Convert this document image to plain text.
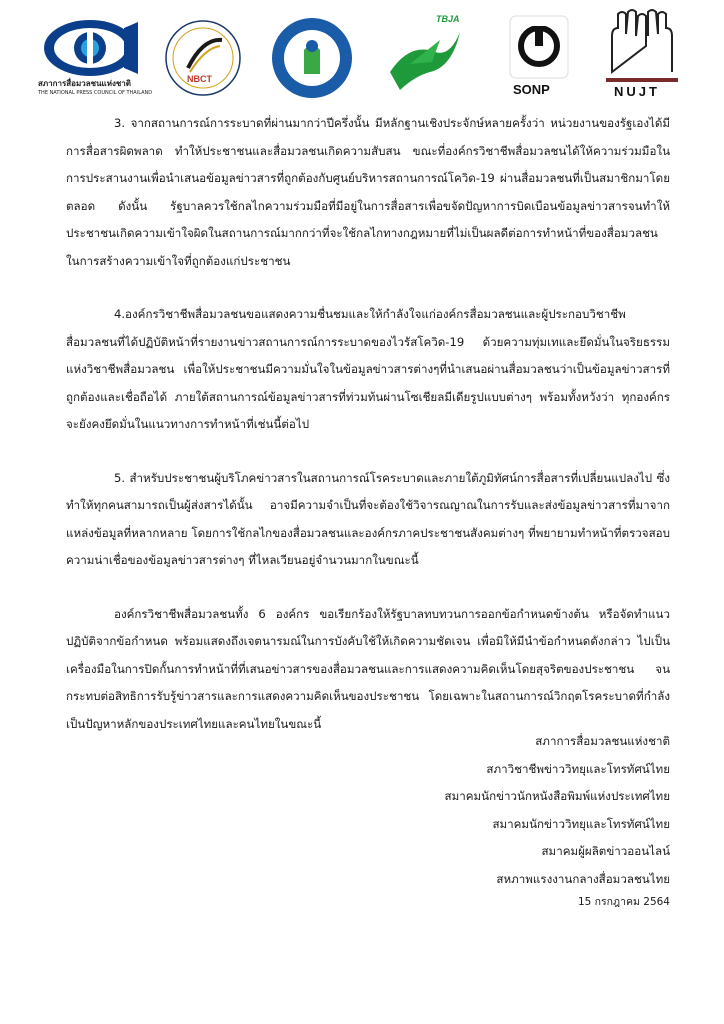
สภาการสื่อมวลชนแห่งชาติ
THE NATIONAL PRESS COUNCIL OF THAILAND
NBCT
TBJA
SONP	NUJT

3. จากสถานการณ์การระบาดที่ผ่านมากว่าปีครึ่งนั้น มีหลักฐานเชิงประจักษ์หลายครั้งว่า หน่วยงานของรัฐเองได้มีการสื่อสารผิดพลาด ทำให้ประชาชนและสื่อมวลชนเกิดความสับสน ขณะที่องค์กรวิชาชีพสื่อมวลชนได้ให้ความร่วมมือในการประสานงานเพื่อนำเสนอข้อมูลข่าวสารที่ถูกต้องกับศูนย์บริหารสถานการณ์โควิด-19 ผ่านสื่อมวลชนที่เป็นสมาชิกมาโดยตลอด ดังนั้น รัฐบาลควรใช้กลไกความร่วมมือที่มีอยู่ในการสื่อสารเพื่อขจัดปัญหาการบิดเบือนข้อมูลข่าวสารจนทำให้ประชาชนเกิดความเข้าใจผิดในสถานการณ์มากกว่าที่จะใช้กลไกทางกฎหมายที่ไม่เป็นผลดีต่อการทำหน้าที่ของสื่อมวลชนในการสร้างความเข้าใจที่ถูกต้องแก่ประชาชน

4.องค์กรวิชาชีพสื่อมวลชนขอแสดงความชื่นชมและให้กำลังใจแก่องค์กรสื่อมวลชนและผู้ประกอบวิชาชีพสื่อมวลชนที่ได้ปฏิบัติหน้าที่รายงานข่าวสถานการณ์การระบาดของไวรัสโควิด-19 ด้วยความทุ่มเทและยึดมั่นในจริยธรรมแห่งวิชาชีพสื่อมวลชน เพื่อให้ประชาชนมีความมั่นใจในข้อมูลข่าวสารต่างๆที่นำเสนอผ่านสื่อมวลชนว่าเป็นข้อมูลข่าวสารที่ถูกต้องและเชื่อถือได้ ภายใต้สถานการณ์ข้อมูลข่าวสารที่ท่วมท้นผ่านโซเชียลมีเดียรูปแบบต่างๆ พร้อมทั้งหวังว่า ทุกองค์กรจะยังคงยึดมั่นในแนวทางการทำหน้าที่เช่นนี้ต่อไป

5. สำหรับประชาชนผู้บริโภคข่าวสารในสถานการณ์โรคระบาดและภายใต้ภูมิทัศน์การสื่อสารที่เปลี่ยนแปลงไป ซึ่งทำให้ทุกคนสามารถเป็นผู้ส่งสารได้นั้น อาจมีความจำเป็นที่จะต้องใช้วิจารณญาณในการรับและส่งข้อมูลข่าวสารที่มาจากแหล่งข้อมูลที่หลากหลาย โดยการใช้กลไกของสื่อมวลชนและองค์กรภาคประชาชนสังคมต่างๆ ที่พยายามทำหน้าที่ตรวจสอบความน่าเชื่อของข้อมูลข่าวสารต่างๆ ที่ไหลเวียนอยู่จำนวนมากในขณะนี้

องค์กรวิชาชีพสื่อมวลชนทั้ง 6 องค์กร ขอเรียกร้องให้รัฐบาลทบทวนการออกข้อกำหนดข้างต้น หรือจัดทำแนวปฏิบัติจากข้อกำหนด พร้อมแสดงถึงเจตนารมณ์ในการบังคับใช้ให้เกิดความชัดเจน เพื่อมิให้มีนำข้อกำหนดดังกล่าว ไปเป็นเครื่องมือในการปิดกั้นการทำหน้าที่ที่เสนอข่าวสารของสื่อมวลชนและการแสดงความคิดเห็นโดยสุจริตของประชาชน จนกระทบต่อสิทธิการรับรู้ข่าวสารและการแสดงความคิดเห็นของประชาชน โดยเฉพาะในสถานการณ์วิกฤตโรคระบาดที่กำลังเป็นปัญหาหลักของประเทศไทยและคนไทยในขณะนี้

สภาการสื่อมวลชนแห่งชาติ
สภาวิชาชีพข่าววิทยุและโทรทัศน์ไทย
สมาคมนักข่าวนักหนังสือพิมพ์แห่งประเทศไทย
สมาคมนักข่าววิทยุและโทรทัศน์ไทย
สมาคมผู้ผลิตข่าวออนไลน์
สหภาพแรงงานกลางสื่อมวลชนไทย
15 กรกฎาคม 2564
